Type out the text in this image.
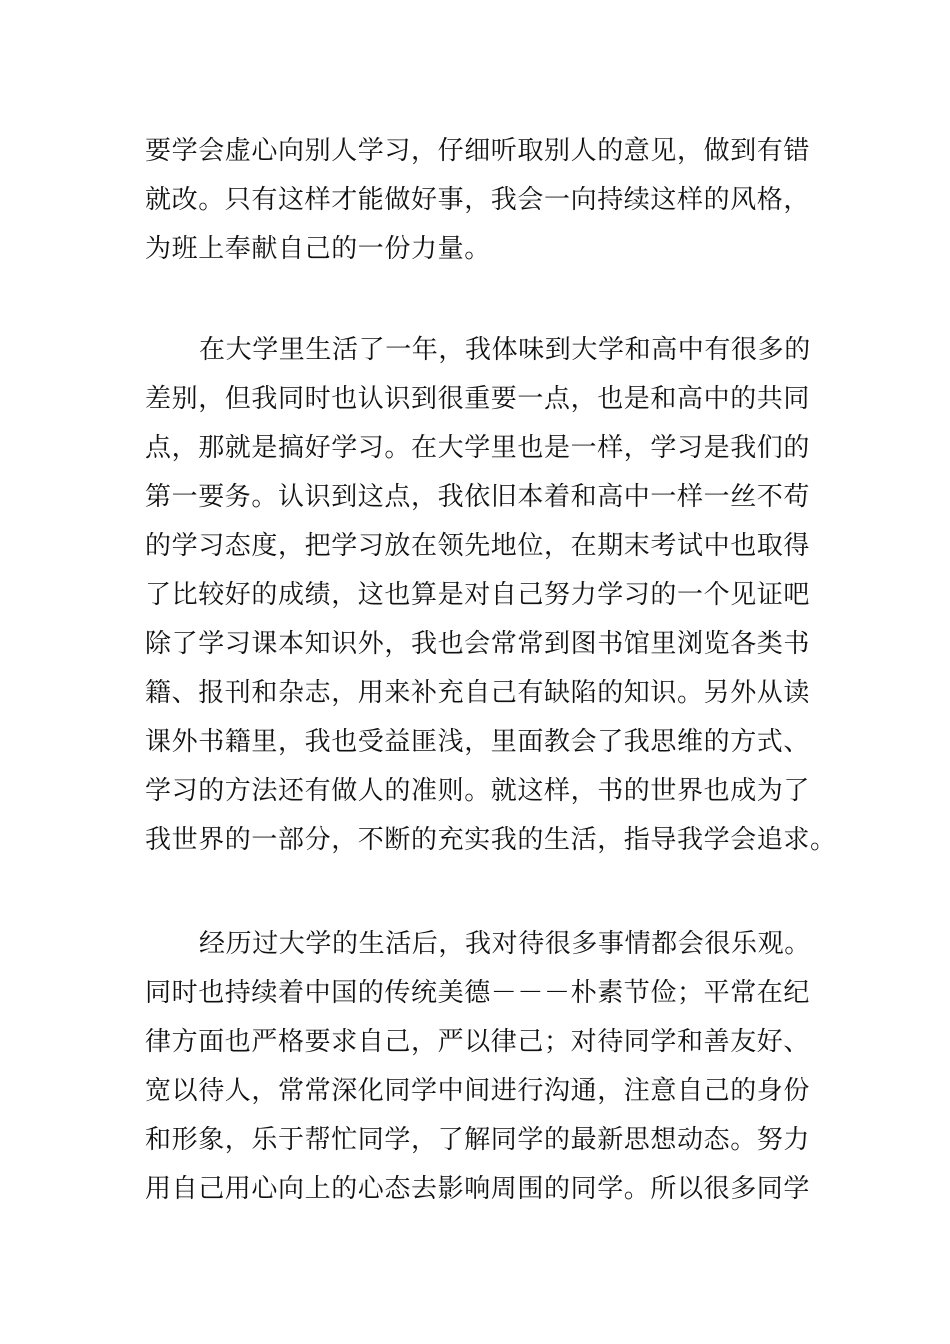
要学会虚心向别人学习，仔细听取别人的意见，做到有错
就改。只有这样才能做好事，我会一向持续这样的风格，
为班上奉献自己的一份力量。

在大学里生活了一年，我体味到大学和高中有很多的
差别，但我同时也认识到很重要一点，也是和高中的共同
点，那就是搞好学习。在大学里也是一样，学习是我们的
第一要务。认识到这点，我依旧本着和高中一样一丝不苟
的学习态度，把学习放在领先地位，在期末考试中也取得
了比较好的成绩，这也算是对自己努力学习的一个见证吧
除了学习课本知识外，我也会常常到图书馆里浏览各类书
籍、报刊和杂志，用来补充自己有缺陷的知识。另外从读
课外书籍里，我也受益匪浅，里面教会了我思维的方式、
学习的方法还有做人的准则。就这样，书的世界也成为了
我世界的一部分，不断的充实我的生活，指导我学会追求。

经历过大学的生活后，我对待很多事情都会很乐观。
同时也持续着中国的传统美德－－－朴素节俭；平常在纪
律方面也严格要求自己，严以律己；对待同学和善友好、
宽以待人，常常深化同学中间进行沟通，注意自己的身份
和形象，乐于帮忙同学，了解同学的最新思想动态。努力
用自己用心向上的心态去影响周围的同学。所以很多同学
